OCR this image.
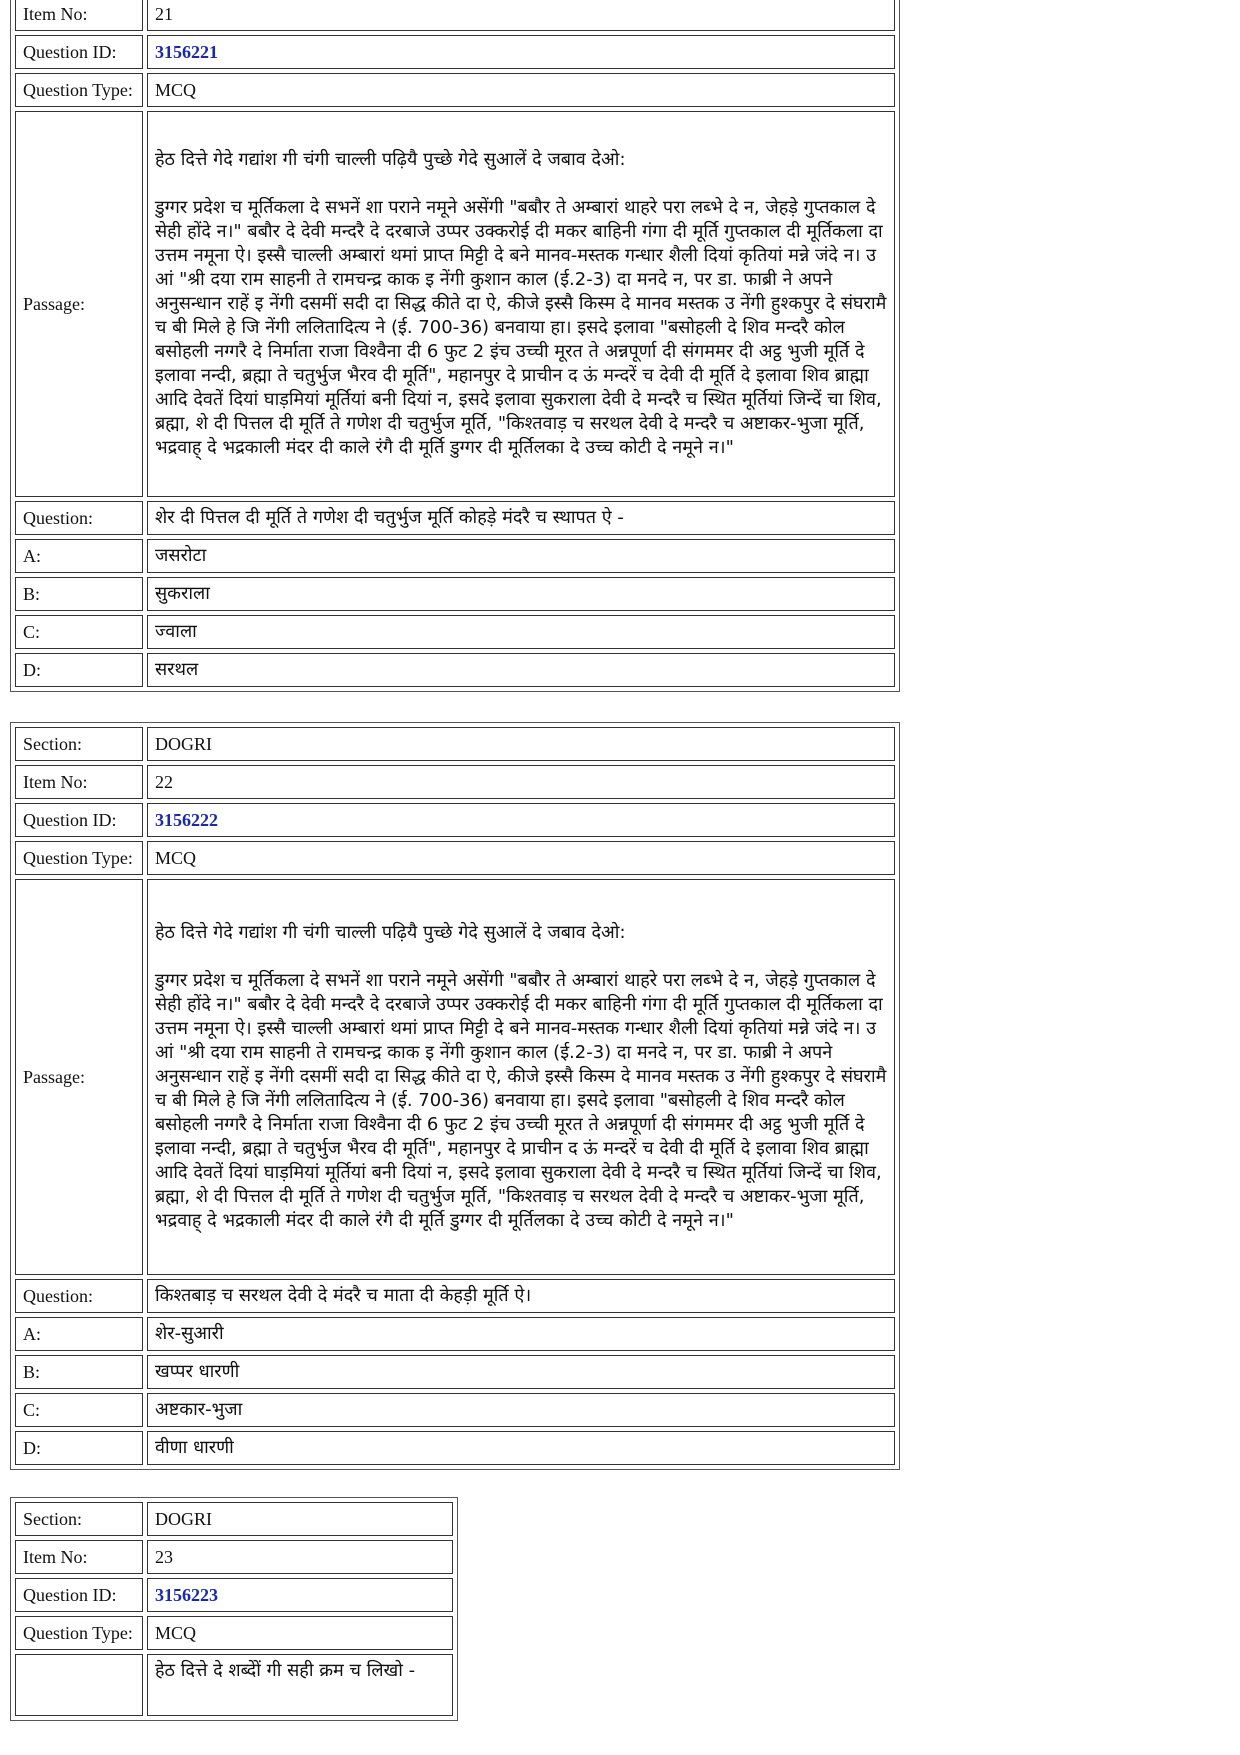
Item No:	21
Question ID:	3156221
Question Type:	MCQ
Passage:	हेठ दित्ते गेदे गद्यांश गी चंगी चाल्ली पढ़ियै पुच्छे गेदे सुआलें दे जबाव देओ:
डुग्गर प्रदेश च मूर्तिकला दे सभनें शा पराने नमूने असेंगी "बबौर ते अम्बारां थाहरे परा लब्भे दे न, जेहड़े गुप्तकाल दे सेही होंदे न।" बबौर दे देवी मन्दरै दे दरबाजे उप्पर उक्करोई दी मकर बाहिनी गंगा दी मूर्ति गुप्तकाल दी मूर्तिकला दा उत्तम नमूना ऐ। इस्सै चाल्ली अम्बारां थमां प्राप्त मिट्टी दे बने मानव-मस्तक गन्धार शैली दियां कृतियां मन्ने जंदे न। उ आं "श्री दया राम साहनी ते रामचन्द्र काक इ नेंगी कुशान काल (ई.2-3) दा मनदे न, पर डा. फाब्री ने अपने अनुसन्धान राहें इ नेंगी दसमीं सदी दा सिद्ध कीते दा ऐ, कीजे इस्सै किस्म दे मानव मस्तक उ नेंगी हुश्कपुर दे संघरामै च बी मिले हे जि नेंगी ललितादित्य ने (ई. 700-36) बनवाया हा। इसदे इलावा "बसोहली दे शिव मन्दरै कोल बसोहली नग्गरै दे निर्माता राजा विश्वैना दी 6 फुट 2 इंच उच्ची मूरत ते अन्नपूर्णा दी संगममर दी अट्ठ भुजी मूर्ति दे इलावा नन्दी, ब्रह्मा ते चतुर्भुज भैरव दी मूर्ति", महानपुर दे प्राचीन द ऊं मन्दरें च देवी दी मूर्ति दे इलावा शिव ब्राह्मा आदि देवतें दियां घाड़मियां मूर्तियां बनी दियां न, इसदे इलावा सुकराला देवी दे मन्दरै च स्थित मूर्तियां जिन्दें चा शिव, ब्रह्मा, शे दी पित्तल दी मूर्ति ते गणेश दी चतुर्भुज मूर्ति, "किश्तवाड़ च सरथल देवी दे मन्दरै च अष्टाकर-भुजा मूर्ति, भद्रवाह् दे भद्रकाली मंदर दी काले रंगै दी मूर्ति डुग्गर दी मूर्तिलका दे उच्च कोटी दे नमूने न।"

Question:	शेर दी पित्तल दी मूर्ति ते गणेश दी चतुर्भुज मूर्ति कोहड़े मंदरै च स्थापत ऐ -
A:	जसरोटा
B:	सुकराला
C:	ज्वाला
D:	सरथल
Section:	DOGRI
Item No:	22
Question ID:	3156222
Question Type:	MCQ
Passage:	हेठ दित्ते गेदे गद्यांश गी चंगी चाल्ली पढ़ियै पुच्छे गेदे सुआलें दे जबाव देओ:
डुग्गर प्रदेश च मूर्तिकला दे सभनें शा पराने नमूने असेंगी "बबौर ते अम्बारां थाहरे परा लब्भे दे न, जेहड़े गुप्तकाल दे सेही होंदे न।" बबौर दे देवी मन्दरै दे दरबाजे उप्पर उक्करोई दी मकर बाहिनी गंगा दी मूर्ति गुप्तकाल दी मूर्तिकला दा उत्तम नमूना ऐ। इस्सै चाल्ली अम्बारां थमां प्राप्त मिट्टी दे बने मानव-मस्तक गन्धार शैली दियां कृतियां मन्ने जंदे न। उ आं "श्री दया राम साहनी ते रामचन्द्र काक इ नेंगी कुशान काल (ई.2-3) दा मनदे न, पर डा. फाब्री ने अपने अनुसन्धान राहें इ नेंगी दसमीं सदी दा सिद्ध कीते दा ऐ, कीजे इस्सै किस्म दे मानव मस्तक उ नेंगी हुश्कपुर दे संघरामै च बी मिले हे जि नेंगी ललितादित्य ने (ई. 700-36) बनवाया हा। इसदे इलावा "बसोहली दे शिव मन्दरै कोल बसोहली नग्गरै दे निर्माता राजा विश्वैना दी 6 फुट 2 इंच उच्ची मूरत ते अन्नपूर्णा दी संगममर दी अट्ठ भुजी मूर्ति दे इलावा नन्दी, ब्रह्मा ते चतुर्भुज भैरव दी मूर्ति", महानपुर दे प्राचीन द ऊं मन्दरें च देवी दी मूर्ति दे इलावा शिव ब्राह्मा आदि देवतें दियां घाड़मियां मूर्तियां बनी दियां न, इसदे इलावा सुकराला देवी दे मन्दरै च स्थित मूर्तियां जिन्दें चा शिव, ब्रह्मा, शे दी पित्तल दी मूर्ति ते गणेश दी चतुर्भुज मूर्ति, "किश्तवाड़ च सरथल देवी दे मन्दरै च अष्टाकर-भुजा मूर्ति, भद्रवाह् दे भद्रकाली मंदर दी काले रंगै दी मूर्ति डुग्गर दी मूर्तिलका दे उच्च कोटी दे नमूने न।"

Question:	किश्तबाड़ च सरथल देवी दे मंदरै च माता दी केहड़ी मूर्ति ऐ।
A:	शेर-सुआरी
B:	खप्पर धारणी
C:	अष्टकार-भुजा
D:	वीणा धारणी
Section:	DOGRI
Item No:	23
Question ID:	3156223
Question Type:	MCQ
	हेठ दित्ते दे शब्देों गी सही क्रम च लिखो -
